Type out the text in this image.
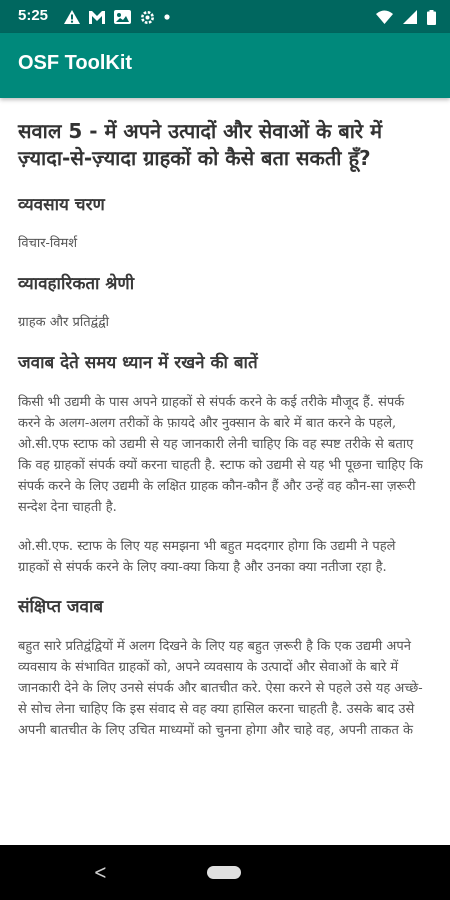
5:25
OSF ToolKit
सवाल 5 - में अपने उत्पादों और सेवाओं के बारे में ज़्यादा-से-ज़्यादा ग्राहकों को कैसे बता सकती हूँ?
व्यवसाय चरण

विचार-विमर्श

व्यावहारिकता श्रेणी

ग्राहक और प्रतिद्वंद्वी

जवाब देते समय ध्यान में रखने की बातें

किसी भी उद्यमी के पास अपने ग्राहकों से संपर्क करने के कई तरीके मौजूद हैं. संपर्क करने के अलग-अलग तरीकों के फ़ायदे और नुक्सान के बारे में बात करने के पहले, ओ.सी.एफ स्टाफ को उद्यमी से यह जानकारी लेनी चाहिए कि वह स्पष्ट तरीके से बताए कि वह ग्राहकों संपर्क क्यों करना चाहती है. स्टाफ को उद्यमी से यह भी पूछना चाहिए कि संपर्क करने के लिए उद्यमी के लक्षित ग्राहक कौन-कौन हैं और उन्हें वह कौन-सा ज़रूरी सन्देश देना चाहती है.

ओ.सी.एफ. स्टाफ के लिए यह समझना भी बहुत मददगार होगा कि उद्यमी ने पहले ग्राहकों से संपर्क करने के लिए क्या-क्या किया है और उनका क्या नतीजा रहा है.

संक्षिप्त जवाब

बहुत सारे प्रतिद्वंद्वियों में अलग दिखने के लिए यह बहुत ज़रूरी है कि एक उद्यमी अपने व्यवसाय के संभावित ग्राहकों को, अपने व्यवसाय के उत्पादों और सेवाओं के बारे में जानकारी देने के लिए उनसे संपर्क और बातचीत करे. ऐसा करने से पहले उसे यह अच्छे-से सोच लेना चाहिए कि इस संवाद से वह क्या हासिल करना चाहती है. उसके बाद उसे अपनी बातचीत के लिए उचित माध्यमों को चुनना होगा और चाहे वह, अपनी ताकत के

<
